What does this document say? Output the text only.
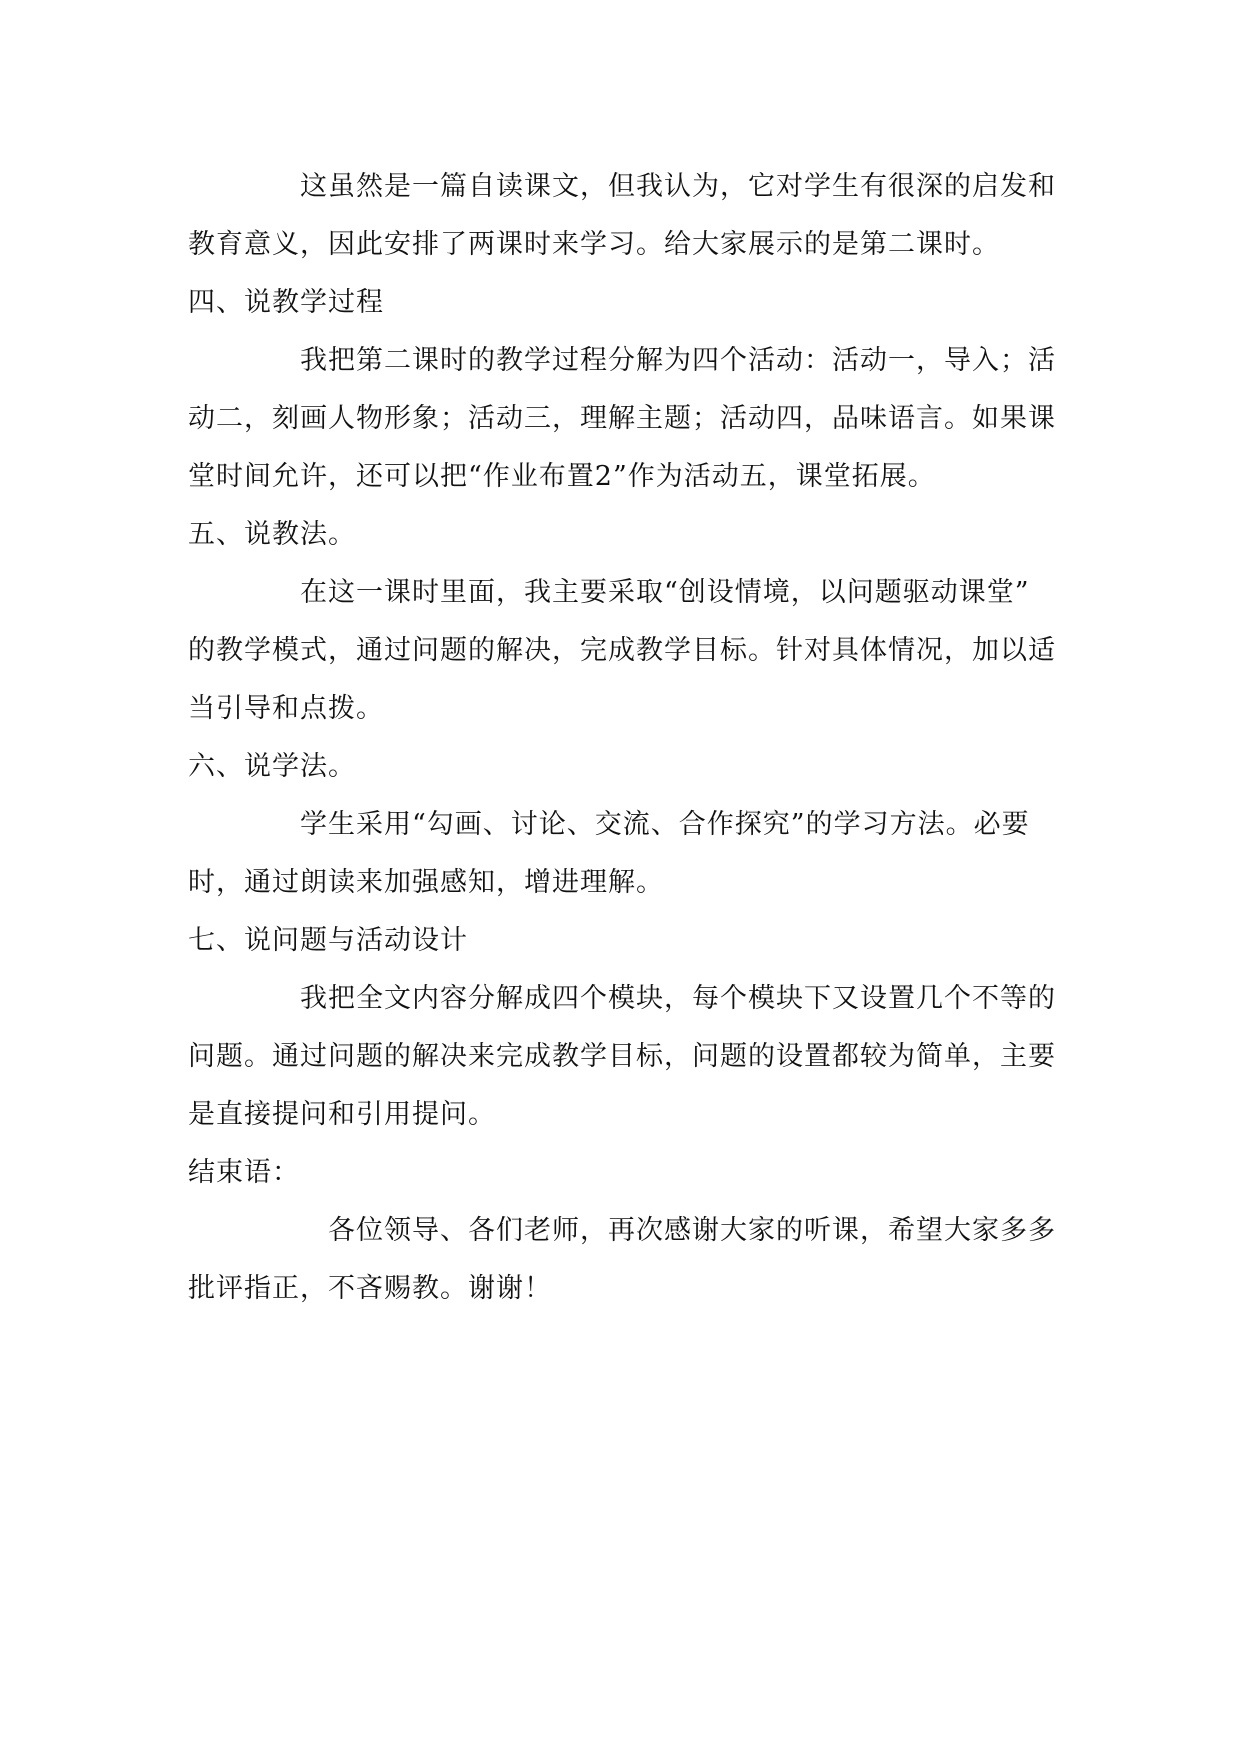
这虽然是一篇自读课文，但我认为，它对学生有很深的启发和
教育意义，因此安排了两课时来学习。给大家展示的是第二课时。
四、说教学过程
我把第二课时的教学过程分解为四个活动：活动一，导入；活
动二，刻画人物形象；活动三，理解主题；活动四，品味语言。如果课
堂时间允许，还可以把“作业布置2”作为活动五，课堂拓展。
五、说教法。
在这一课时里面，我主要采取“创设情境，以问题驱动课堂”
的教学模式，通过问题的解决，完成教学目标。针对具体情况，加以适
当引导和点拨。
六、说学法。
学生采用“勾画、讨论、交流、合作探究”的学习方法。必要
时，通过朗读来加强感知，增进理解。
七、说问题与活动设计
我把全文内容分解成四个模块，每个模块下又设置几个不等的
问题。通过问题的解决来完成教学目标，问题的设置都较为简单，主要
是直接提问和引用提问。
结束语：
各位领导、各们老师，再次感谢大家的听课，希望大家多多
批评指正，不吝赐教。谢谢！
